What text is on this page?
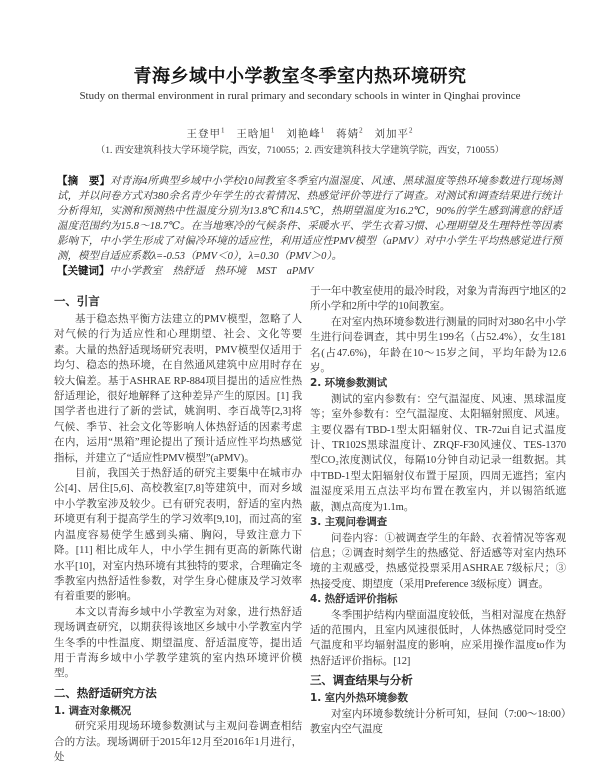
青海乡域中小学教室冬季室内热环境研究
Study on thermal environment in rural primary and secondary schools in winter in Qinghai province
王登甲$^1$ 王晗旭$^1$ 刘艳峰$^1$ 蒋婧$^2$ 刘加平$^2$
（1. 西安建筑科技大学环境学院，西安，710055；2. 西安建筑科技大学建筑学院，西安，710055）
【摘　要】对青海4所典型乡域中小学校10间教室冬季室内温湿度、风速、黑球温度等热环境参数进行现场测试，并以问卷方式对380余名青少年学生的衣着情况、热感觉评价等进行了调查。对测试和调查结果进行统计分析得知，实测和预测热中性温度分别为13.8℃和14.5℃，热期望温度为16.2℃，90%的学生感到满意的舒适温度范围约为15.8～18.7℃。在当地寒冷的气候条件、采暖水平、学生衣着习惯、心理期望及生理特性等因素影响下，中小学生形成了对偏冷环境的适应性，利用适应性PMV模型（aPMV）对中小学生平均热感觉进行预测，模型自适应系数λ=-0.53（PMV＜0），λ=0.30（PMV＞0）。
【关键词】中小学教室　热舒适　热环境　MST　aPMV
一、引言

基于稳态热平衡方法建立的PMV模型，忽略了人对气候的行为适应性和心理期望、社会、文化等要素。大量的热舒适现场研究表明，PMV模型仅适用于均匀、稳态的热环境，在自然通风建筑中应用时存在较大偏差。基于ASHRAE RP-884项目提出的适应性热舒适理论，很好地解释了这种差异产生的原因。[1] 我国学者也进行了新的尝试，姚润明、李百战等[2,3]将气候、季节、社会文化等影响人体热舒适的因素考虑在内，运用“黑箱”理论提出了预计适应性平均热感觉指标，并建立了“适应性PMV模型”(aPMV)。

目前，我国关于热舒适的研究主要集中在城市办公[4]、居住[5,6]、高校教室[7,8]等建筑中，而对乡域中小学教室涉及较少。已有研究表明，舒适的室内热环境更有利于提高学生的学习效率[9,10]，而过高的室内温度容易使学生感到头痛、胸闷，导致注意力下降。[11] 相比成年人，中小学生拥有更高的新陈代谢水平[10]，对室内热环境有其独特的要求，合理确定冬季教室内热舒适性参数，对学生身心健康及学习效率有着重要的影响。

本文以青海乡域中小学教室为对象，进行热舒适现场调查研究，以期获得该地区乡域中小学教室内学生冬季的中性温度、期望温度、舒适温度等，提出适用于青海乡域中小学教学建筑的室内热环境评价模型。

二、热舒适研究方法
1. 调查对象概况

研究采用现场环境参数测试与主观问卷调查相结合的方法。现场调研于2015年12月至2016年1月进行，处

于一年中教室使用的最冷时段，对象为青海西宁地区的2所小学和2所中学的10间教室。

在对室内热环境参数进行测量的同时对380名中小学生进行问卷调查，其中男生199名（占52.4%），女生181名(占47.6%)，年龄在10～15岁之间，平均年龄为12.6岁。

2. 环境参数测试

测试的室内参数有：空气温湿度、风速、黑球温度等；室外参数有：空气温湿度、太阳辐射照度、风速。主要仪器有TBD-1型太阳辐射仪、TR-72ui自记式温度计、TR102S黑球温度计、ZRQF-F30风速仪、TES-1370型CO₂浓度测试仪，每隔10分钟自动记录一组数据。其中TBD-1型太阳辐射仪布置于屋顶，四周无遮挡；室内温湿度采用五点法平均布置在教室内，并以锡箔纸遮蔽，测点高度为1.1m。

3. 主观问卷调查

问卷内容：①被调查学生的年龄、衣着情况等客观信息；②调查时刻学生的热感觉、舒适感等对室内热环境的主观感受，热感觉投票采用ASHRAE 7级标尺；③热接受度、期望度（采用Preference 3级标度）调查。

4. 热舒适评价指标

冬季围护结构内壁面温度较低，当相对湿度在热舒适的范围内，且室内风速很低时，人体热感觉同时受空气温度和平均辐射温度的影响，应采用操作温度to作为热舒适评价指标。[12]

三、调查结果与分析
1. 室内外热环境参数

对室内环境参数统计分析可知，昼间（7:00～18:00）教室内空气温度
